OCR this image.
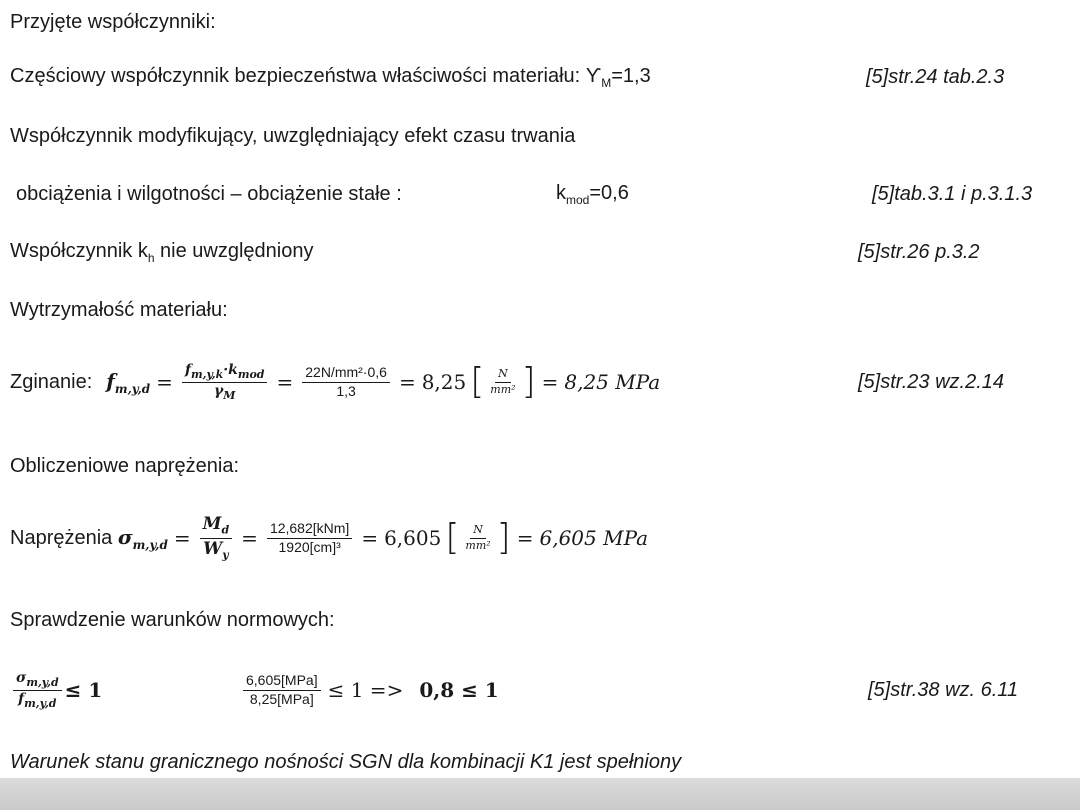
Przyjęte współczynniki:
Częściowy współczynnik bezpieczeństwa właściwości materiału: $ϒ_M=1,3$	[5]str.24 tab.2.3
Współczynnik modyfikujący, uwzględniający efekt czasu trwania
obciążenia i wilgotności – obciążenie stałe :	$k_{mod}=0,6$	[5]tab.3.1 i p.3.1.3
Współczynnik $k_h$ nie uwzględniony	[5]str.26 p.3.2
Wytrzymałość materiału:
Zginanie: $f_{m,y,d} = \frac{f_{m,y,k}\cdot k_{mod}}{\gamma_M} = \frac{\text{22N/mm²·0,6}}{1,3} = 8,25$ [ $\frac{N}{\text{mm²}}$ ] = 8,25 MPa	[5]str.23 wz.2.14
Obliczeniowe naprężenia:
Naprężenia $\sigma_{m,y,d} = \frac{M_d}{W_y} = \frac{\text{12,682[kNm]}}{\text{1920[cm]³}} = 6,605$ [ $\frac{N}{\text{mm²}}$ ] = 6,605 MPa
Sprawdzenie warunków normowych:
$\frac{\sigma_{m,y,d}}{f_{m,y,d}}$ ≤ 𝟏	$\frac{\text{6,605[MPa]}}{\text{8,25[MPa]}} \le 1 => 0,8 \le 1$	[5]str.38 wz. 6.11
Warunek stanu granicznego nośności SGN dla kombinacji K1 jest spełniony
